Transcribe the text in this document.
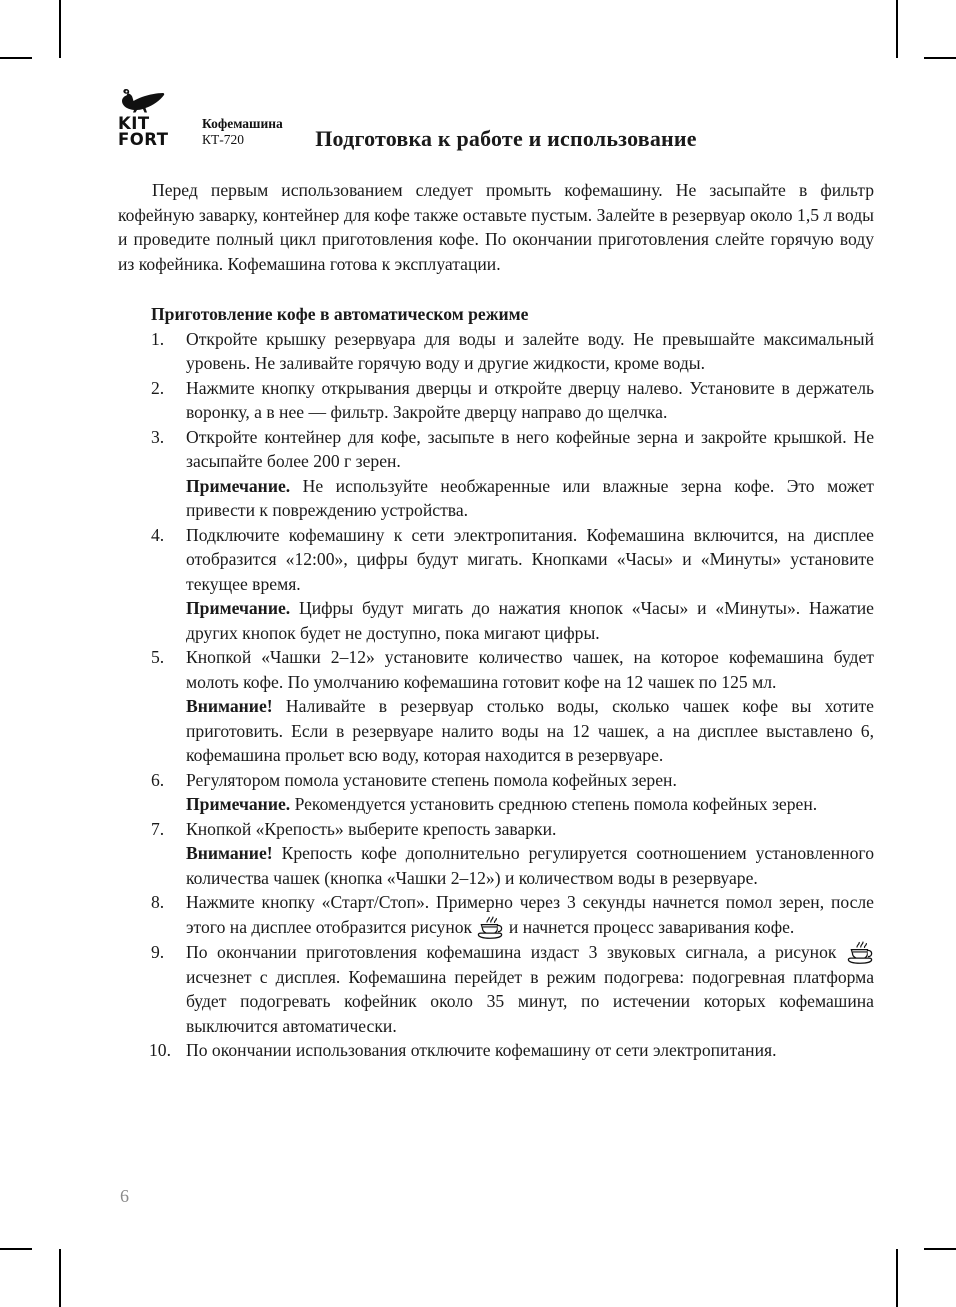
KIT
FORT
Кофемашина
КТ-720	Подготовка к работе и использование

Перед первым использованием следует промыть кофемашину. Не засыпайте в фильтр кофейную заварку, контейнер для кофе также оставьте пустым. Залейте в резервуар около 1,5 л воды и проведите полный цикл приготовления кофе. По окончании приготовления слейте горячую воду из кофейника. Кофемашина готова к эксплуатации.

Приготовление кофе в автоматическом режиме
1.	Откройте крышку резервуара для воды и залейте воду. Не превышайте максимальный уровень. Не заливайте горячую воду и другие жидкости, кроме воды.
2.	Нажмите кнопку открывания дверцы и откройте дверцу налево. Установите в держатель воронку, а в нее — фильтр. Закройте дверцу направо до щелчка.
3.	Откройте контейнер для кофе, засыпьте в него кофейные зерна и закройте крышкой. Не засыпайте более 200 г зерен.
Примечание. Не используйте необжаренные или влажные зерна кофе. Это может привести к повреждению устройства.
4.	Подключите кофемашину к сети электропитания. Кофемашина включится, на дисплее отобразится «12:00», цифры будут мигать. Кнопками «Часы» и «Минуты» установите текущее время.
Примечание. Цифры будут мигать до нажатия кнопок «Часы» и «Минуты». Нажатие других кнопок будет не доступно, пока мигают цифры.
5.	Кнопкой «Чашки 2–12» установите количество чашек, на которое кофемашина будет молоть кофе. По умолчанию кофемашина готовит кофе на 12 чашек по 125 мл.
Внимание! Наливайте в резервуар столько воды, сколько чашек кофе вы хотите приготовить. Если в резервуаре налито воды на 12 чашек, а на дисплее выставлено 6, кофемашина прольет всю воду, которая находится в резервуаре.
6.	Регулятором помола установите степень помола кофейных зерен.
Примечание. Рекомендуется установить среднюю степень помола кофейных зерен.
7.	Кнопкой «Крепость» выберите крепость заварки.
Внимание! Крепость кофе дополнительно регулируется соотношением установленного количества чашек (кнопка «Чашки 2–12») и количеством воды в резервуаре.
8.	Нажмите кнопку «Старт/Стоп». Примерно через 3 секунды начнется помол зерен, после этого на дисплее отобразится рисунок  и начнется процесс заваривания кофе.
9.	По окончании приготовления кофемашина издаст 3 звуковых сигнала, а рисунок исчезнет с дисплея. Кофемашина перейдет в режим подогрева: подогревная платформа будет подогревать кофейник около 35 минут, по истечении которых кофемашина выключится автоматически.
10. По окончании использования отключите кофемашину от сети электропитания.
6
